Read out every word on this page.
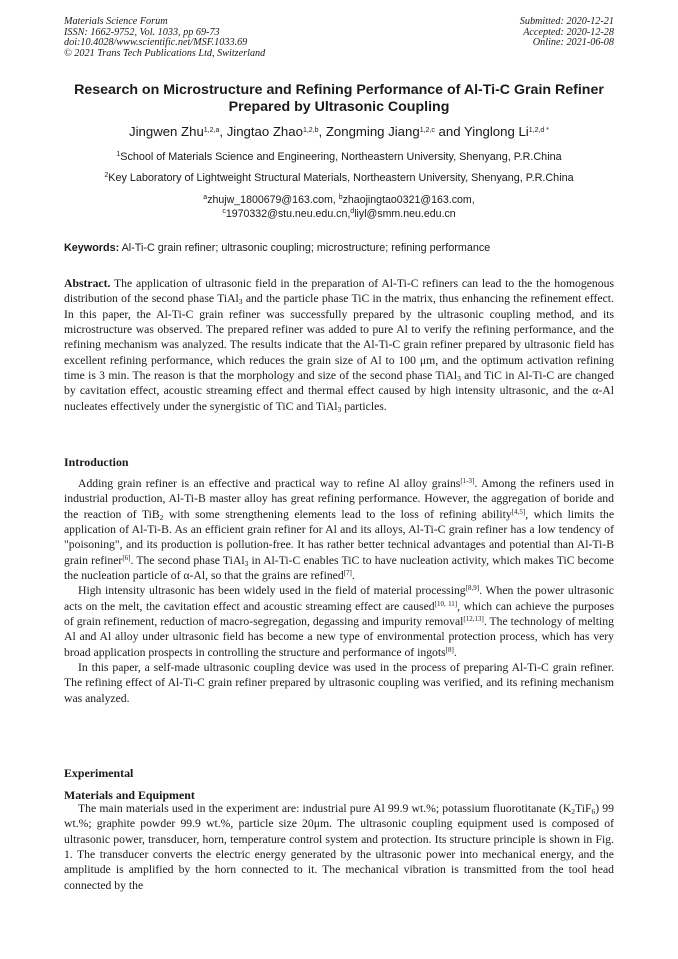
Materials Science Forum
ISSN: 1662-9752, Vol. 1033, pp 69-73
doi:10.4028/www.scientific.net/MSF.1033.69
© 2021 Trans Tech Publications Ltd, Switzerland
Submitted: 2020-12-21
Accepted: 2020-12-28
Online: 2021-06-08
Research on Microstructure and Refining Performance of Al-Ti-C Grain Refiner Prepared by Ultrasonic Coupling
Jingwen Zhu$^{1,2,a}$, Jingtao Zhao$^{1,2,b}$, Zongming Jiang$^{1,2,c}$ and Yinglong $Li^{1,2,d *}$
$^1$School of Materials Science and Engineering, Northeastern University, Shenyang, P.R.China
$^2$Key Laboratory of Lightweight Structural Materials, Northeastern University, Shenyang, P.R.China
$^a$zhujw_1800679@163.com, $^b$zhaojingtao0321@163.com,
$^c$1970332@stu.neu.edu.cn,$^d$liyl@smm.neu.edu.cn
Keywords: Al-Ti-C grain refiner; ultrasonic coupling; microstructure; refining performance

Abstract. The application of ultrasonic field in the preparation of Al-Ti-C refiners can lead to the the homogenous distribution of the second phase TiAl$_3$ and the particle phase TiC in the matrix, thus enhancing the refinement effect. In this paper, the Al-Ti-C grain refiner was successfully prepared by the ultrasonic coupling method, and its microstructure was observed. The prepared refiner was added to pure Al to verify the refining performance, and the refining mechanism was analyzed. The results indicate that the Al-Ti-C grain refiner prepared by ultrasonic field has excellent refining performance, which reduces the grain size of Al to 100 μm, and the optimum activation refining time is 3 min. The reason is that the morphology and size of the second phase TiAl$_3$ and TiC in Al-Ti-C are changed by cavitation effect, acoustic streaming effect and thermal effect caused by high intensity ultrasonic, and the α-Al nucleates effectively under the synergistic of TiC and TiAl$_3$ particles.

Introduction

Adding grain refiner is an effective and practical way to refine Al alloy grains[1-3]. Among the refiners used in industrial production, Al-Ti-B master alloy has great refining performance. However, the aggregation of boride and the reaction of TiB$_2$ with some strengthening elements lead to the loss of refining ability[4,5], which limits the application of Al-Ti-B. As an efficient grain refiner for Al and its alloys, Al-Ti-C grain refiner has a low tendency of "poisoning", and its production is pollution-free. It has rather better technical advantages and potential than Al-Ti-B grain refiner[6]. The second phase TiAl$_3$ in Al-Ti-C enables TiC to have nucleation activity, which makes TiC become the nucleation particle of α-Al, so that the grains are refined[7].

High intensity ultrasonic has been widely used in the field of material processing[8,9]. When the power ultrasonic acts on the melt, the cavitation effect and acoustic streaming effect are caused[10, 11], which can achieve the purposes of grain refinement, reduction of macro-segregation, degassing and impurity removal[12,13]. The technology of melting Al and Al alloy under ultrasonic field has become a new type of environmental protection process, which has very broad application prospects in controlling the structure and performance of ingots[8].

In this paper, a self-made ultrasonic coupling device was used in the process of preparing Al-Ti-C grain refiner. The refining effect of Al-Ti-C grain refiner prepared by ultrasonic coupling was verified, and its refining mechanism was analyzed.

Experimental
Materials and Equipment

The main materials used in the experiment are: industrial pure Al 99.9 wt.%; potassium fluorotitanate $(K_2TiF_6)$ 99 wt.%; graphite powder 99.9 wt.%, particle size 20μm. The ultrasonic coupling equipment used is composed of ultrasonic power, transducer, horn, temperature control system and protection. Its structure principle is shown in Fig. 1. The transducer converts the electric energy generated by the ultrasonic power into mechanical energy, and the amplitude is amplified by the horn connected to it. The mechanical vibration is transmitted from the tool head connected by the
